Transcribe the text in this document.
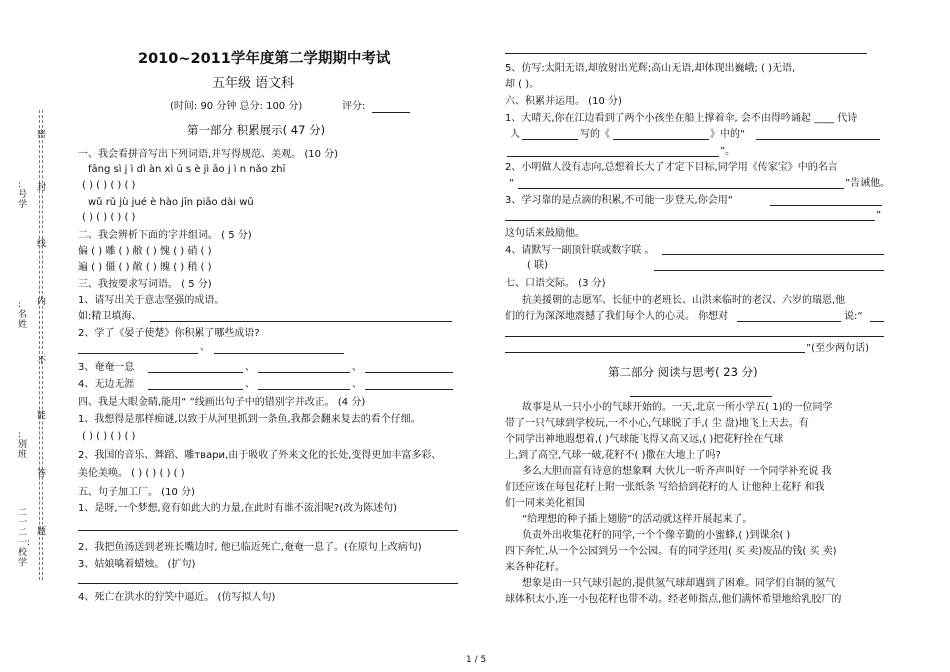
密
封
线
内
不
能
答
题
:号学
:名姓
:别班
二一二一:校学
2010~2011学年度第二学期期中考试
五年级 语文科
(时间: 90 分钟 总分: 100 分)	评分:
第一部分 积累展示( 47 分)
一、我会看拼音写出下列词语,并写得规范、美观。 (10 分)
fāng sì j ì dì àn xì ū s è jì āo j ì n nǎo zhī
( ) ( ) ( ) ( )
wǔ rǔ jù jué è hào jīn piāo dài wǔ
( ) ( ) ( ) ( )
二、我会辨析下面的字并组词。 ( 5 分)
偏 ( ) 雕 ( ) 敝 ( ) 愧 ( ) 硝 ( )
遍 ( ) 僵 ( ) 敞 ( ) 魄 ( ) 稍 ( )
三、我按要求写词语。 ( 5 分)
1、请写出关于意志坚强的成语。
如:精卫填海、
2、学了《晏子使楚》你积累了哪些成语?
、
3、奄奄一息	、	、
4、无边无涯	、	、
四、我是大眼金睛,能用“ ”线画出句子中的错别字并改正。 (4 分)
1、我想得是那样痴谜,以致于从河里抓到一条鱼,我都会翻来复去的看个仔细。
( ) ( ) ( ) ( )
2、我国的音乐、舞蹈、雕твари,由于吸收了外来文化的长处,变得更加丰富多彩、
美伦美唤。 ( ) ( ) ( ) ( )
五、句子加工厂。 (10 分)
1、是呀,一个梦想,竟有如此大的力量,在此时有谁不流泪呢?(改为陈述句)
2、我把鱼汤送到老班长嘴边时, 他已临近死亡,奄奄一息了。(在原句上改病句)
3、姑娘噙着蜡烛。 (扩句)
4、死亡在洪水的狞笑中逼近。 (仿写拟人句)
5、仿写:太阳无语,却放射出光辉;高山无语,却体现出巍峨; ( )无语,
却 ( )。
六、积累并运用。 (10 分)
1、大晴天,你在江边看到了两个小孩坐在船上撑着伞, 会不由得吟诵起 ____ 代诗
人	写的《	》中的“
”。
2、小明做人没有志向,总想着长大了才定下目标,同学用《传家宝》中的名言
“	”告诫他。
3、学习靠的是点滴的积累,不可能一步登天,你会用“
”
这句话来鼓励他。
4、请默写一副顶针联或数字联 。
( 联)
七、口语交际。 (3 分)
抗美援朝的志愿军、长征中的老班长、山洪来临时的老汉、六岁的瑞恩,他
们的行为深深地震撼了我们每个人的心灵。 你想对	说:“
”(至少两句话)
第二部分 阅读与思考( 23 分)
故事是从一只小小的气球开始的。一天,北京一所小学五( 1)的一位同学
带了一只气球到学校玩,一不小心,气球脱了手,( 尘 盘)地飞上天去。有
个同学出神地遐想着,( )气球能飞得又高又远,( )把花籽拴在气球
上,到了高空,气球一破,花籽不( )撒在大地上了吗?
多么大胆而富有诗意的想象啊 大伙儿一听齐声叫好 一个同学补充说 我
们还应该在每包花籽上附一张纸条 写给拾到花籽的人 让他种上花籽 和我
们一同来美化祖国
“给理想的种子插上翅膀”的活动就这样开展起来了。
负责外出收集花籽的同学,一个个像辛勤的小蜜蜂,( )到课余( )
四下奔忙,从一个公园到另一个公园。有的同学还用( 买 卖)废品的钱( 买 卖)
来各种花籽。
想象是由一只气球引起的,提供氢气球却遇到了困难。同学们自制的氢气
球体积太小,连一小包花籽也带不动。经老师指点,他们满怀希望地给乳胶厂的
1 / 5
